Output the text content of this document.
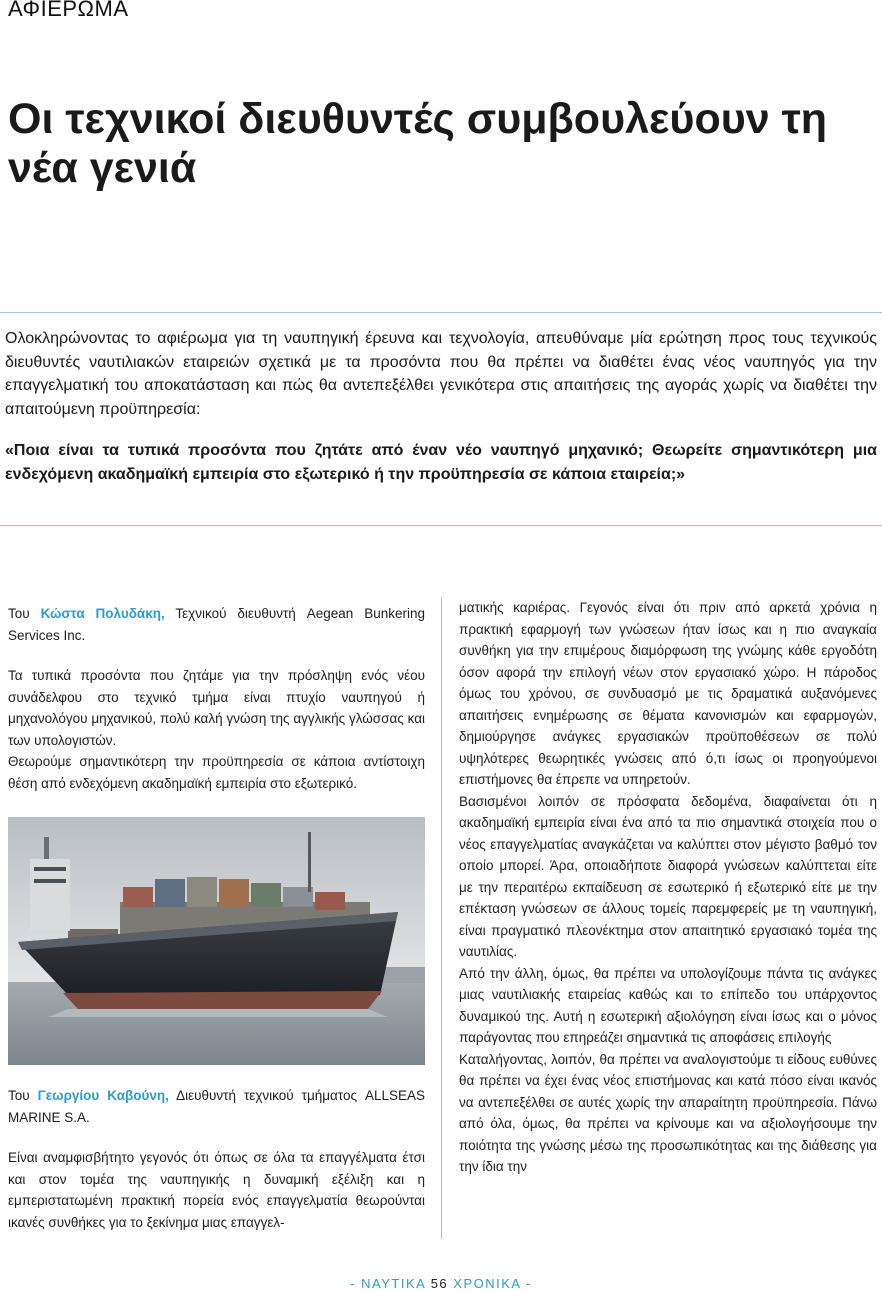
ΑΦΙΕΡΩΜΑ
Οι τεχνικοί διευθυντές συμβουλεύουν τη νέα γενιά

Ολοκληρώνοντας το αφιέρωμα για τη ναυπηγική έρευνα και τεχνολογία, απευθύναμε μία ερώτηση προς τους τεχνικούς διευθυντές ναυτιλιακών εταιρειών σχετικά με τα προσόντα που θα πρέπει να διαθέτει ένας νέος ναυπηγός για την επαγγελματική του αποκατάσταση και πώς θα αντεπεξέλθει γενικότερα στις απαιτήσεις της αγοράς χωρίς να διαθέτει την απαιτούμενη προϋπηρεσία:

«Ποια είναι τα τυπικά προσόντα που ζητάτε από έναν νέο ναυπηγό μηχανικό; Θεωρείτε σημαντικότερη μια ενδεχόμενη ακαδημαϊκή εμπειρία στο εξωτερικό ή την προϋπηρεσία σε κάποια εταιρεία;»

Του Κώστα Πολυδάκη, Τεχνικού διευθυντή Aegean Bunkering Services Inc.

Τα τυπικά προσόντα που ζητάμε για την πρόσληψη ενός νέου συνάδελφου στο τεχνικό τμήμα είναι πτυχίο ναυπηγού ή μηχανολόγου μηχανικού, πολύ καλή γνώση της αγγλικής γλώσσας και των υπολογιστών.

Θεωρούμε σημαντικότερη την προϋπηρεσία σε κάποια αντίστοιχη θέση από ενδεχόμενη ακαδημαϊκή εμπειρία στο εξωτερικό.

Του Γεωργίου Καβούνη, Διευθυντή τεχνικού τμήματος ALLSEAS MARINE S.A.

Είναι αναμφισβήτητο γεγονός ότι όπως σε όλα τα επαγγέλματα έτσι και στον τομέα της ναυπηγικής η δυναμική εξέλιξη και η εμπεριστατωμένη πρακτική πορεία ενός επαγγελματία θεωρούνται ικανές συνθήκες για το ξεκίνημα μιας επαγγελ-

ματικής καριέρας. Γεγονός είναι ότι πριν από αρκετά χρόνια η πρακτική εφαρμογή των γνώσεων ήταν ίσως και η πιο αναγκαία συνθήκη για την επιμέρους διαμόρφωση της γνώμης κάθε εργοδότη όσον αφορά την επιλογή νέων στον εργασιακό χώρο. Η πάροδος όμως του χρόνου, σε συνδυασμό με τις δραματικά αυξανόμενες απαιτήσεις ενημέρωσης σε θέματα κανονισμών και εφαρμογών, δημιούργησε ανάγκες εργασιακών προϋποθέσεων σε πολύ υψηλότερες θεωρητικές γνώσεις από ό,τι ίσως οι προηγούμενοι επιστήμονες θα έπρεπε να υπηρετούν.

Βασισμένοι λοιπόν σε πρόσφατα δεδομένα, διαφαίνεται ότι η ακαδημαϊκή εμπειρία είναι ένα από τα πιο σημαντικά στοιχεία που ο νέος επαγγελματίας αναγκάζεται να καλύπτει στον μέγιστο βαθμό τον οποίο μπορεί. Άρα, οποιαδήποτε διαφορά γνώσεων καλύπτεται είτε με την περαιτέρω εκπαίδευση σε εσωτερικό ή εξωτερικό είτε με την επέκταση γνώσεων σε άλλους τομείς παρεμφερείς με τη ναυπηγική, είναι πραγματικό πλεονέκτημα στον απαιτητικό εργασιακό τομέα της ναυτιλίας.

Από την άλλη, όμως, θα πρέπει να υπολογίζουμε πάντα τις ανάγκες μιας ναυτιλιακής εταιρείας καθώς και το επίπεδο του υπάρχοντος δυναμικού της. Αυτή η εσωτερική αξιολόγηση είναι ίσως και ο μόνος παράγοντας που επηρεάζει σημαντικά τις αποφάσεις επιλογής

Καταλήγοντας, λοιπόν, θα πρέπει να αναλογιστούμε τι είδους ευθύνες θα πρέπει να έχει ένας νέος επιστήμονας και κατά πόσο είναι ικανός να αντεπεξέλθει σε αυτές χωρίς την απαραίτητη προϋπηρεσία. Πάνω από όλα, όμως, θα πρέπει να κρίνουμε και να αξιολογήσουμε την ποιότητα της γνώσης μέσω της προσωπικότητας και της διάθεσης για την ίδια την

- ΝΑΥΤΙΚΑ 56 ΧΡΟΝΙΚΑ -
